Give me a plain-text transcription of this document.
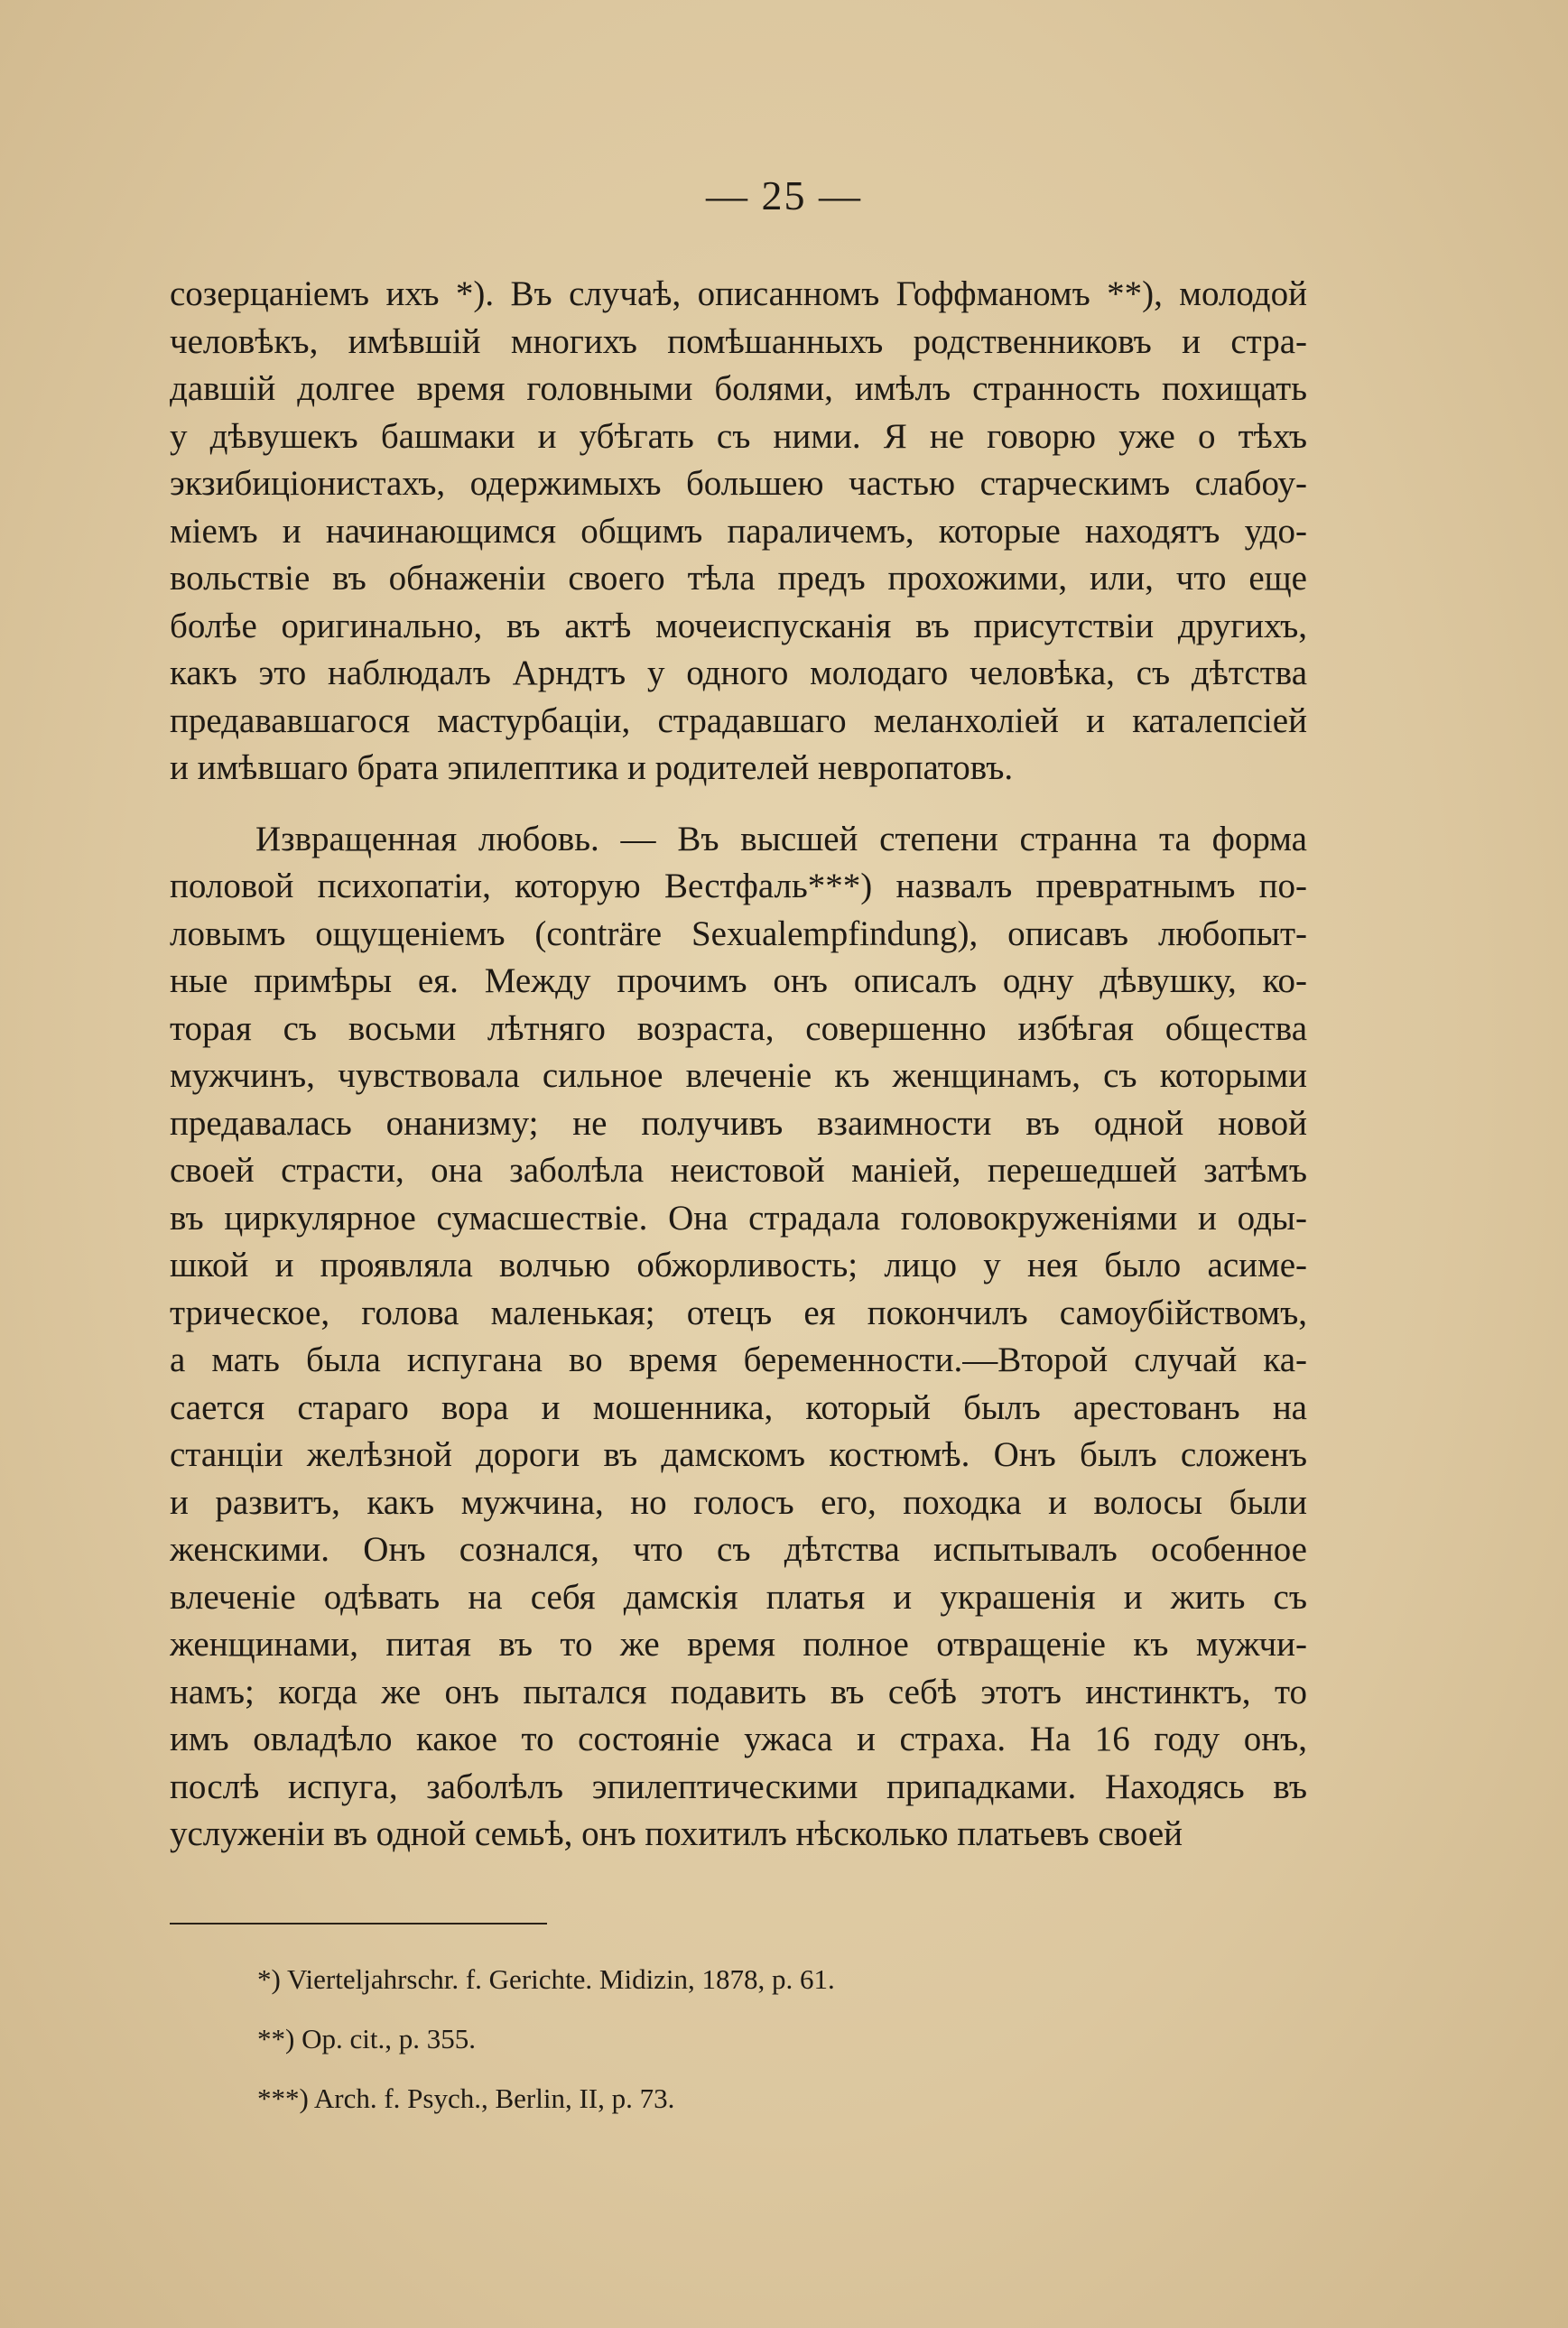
— 25 —
созерцаніемъ ихъ *). Въ случаѣ, описанномъ Гоффманомъ **), молодой
человѣкъ, имѣвшій многихъ помѣшанныхъ родственниковъ и стра-
давшій долгее время головными болями, имѣлъ странность похищать
у дѣвушекъ башмаки и убѣгать съ ними. Я не говорю уже о тѣхъ
экзибиціонистахъ, одержимыхъ большею частью старческимъ слабоу-
міемъ и начинающимся общимъ параличемъ, которые находятъ удо-
вольствіе въ обнаженіи своего тѣла предъ прохожими, или, что еще
болѣе оригинально, въ актѣ мочеиспусканія въ присутствіи другихъ,
какъ это наблюдалъ Арндтъ у одного молодаго человѣка, съ дѣтства
предававшагося мастурбаціи, страдавшаго меланхоліей и каталепсіей
и имѣвшаго брата эпилептика и родителей невропатовъ.
Извращенная любовь. — Въ высшей степени странна та форма
половой психопатіи, которую Вестфаль***) назвалъ превратнымъ по-
ловымъ ощущеніемъ (conträre Sexualempfindung), описавъ любопыт-
ные примѣры ея. Между прочимъ онъ описалъ одну дѣвушку, ко-
торая съ восьми лѣтняго возраста, совершенно избѣгая общества
мужчинъ, чувствовала сильное влеченіе къ женщинамъ, съ которыми
предавалась онанизму; не получивъ взаимности въ одной новой
своей страсти, она заболѣла неистовой маніей, перешедшей затѣмъ
въ циркулярное сумасшествіе. Она страдала головокруженіями и оды-
шкой и проявляла волчью обжорливость; лицо у нея было асиме-
трическое, голова маленькая; отецъ ея покончилъ самоубійствомъ,
а мать была испугана во время беременности.—Второй случай ка-
сается стараго вора и мошенника, который былъ арестованъ на
станціи желѣзной дороги въ дамскомъ костюмѣ. Онъ былъ сложенъ
и развитъ, какъ мужчина, но голосъ его, походка и волосы были
женскими. Онъ сознался, что съ дѣтства испытывалъ особенное
влеченіе одѣвать на себя дамскія платья и украшенія и жить съ
женщинами, питая въ то же время полное отвращеніе къ мужчи-
намъ; когда же онъ пытался подавить въ себѣ этотъ инстинктъ, то
имъ овладѣло какое то состояніе ужаса и страха. На 16 году онъ,
послѣ испуга, заболѣлъ эпилептическими припадками. Находясь въ
услуженіи въ одной семьѣ, онъ похитилъ нѣсколько платьевъ своей
*) Vierteljahrschr. f. Gerichte. Midizin, 1878, p. 61.
**) Op. cit., p. 355.
***) Arch. f. Psych., Berlin, II, p. 73.
